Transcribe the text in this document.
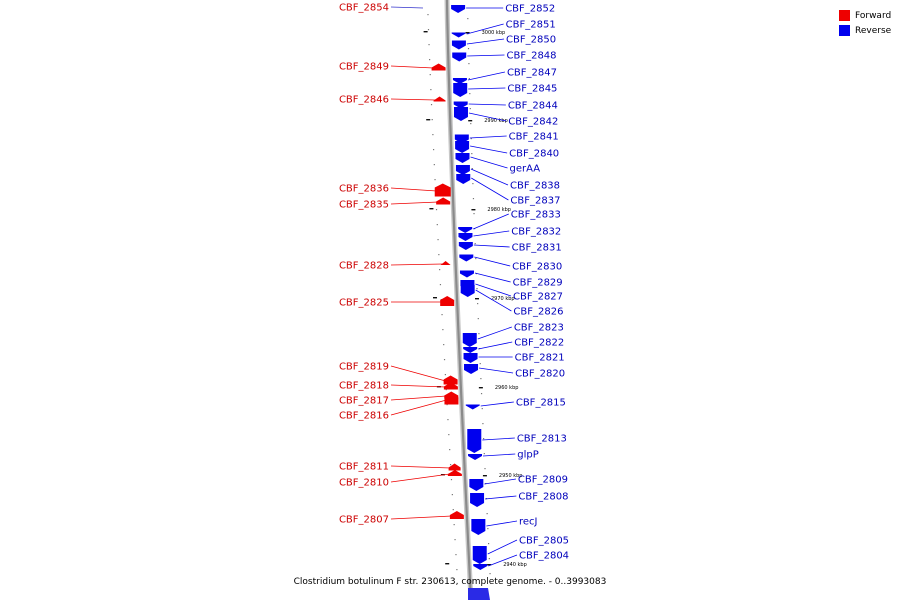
3000 kbp
2990 kbp
2980 kbp
2970 kbp
2960 kbp
2950 kbp
2940 kbp
CBF_2854
CBF_2849
CBF_2846
CBF_2836
CBF_2835
CBF_2828
CBF_2825
CBF_2819
CBF_2818
CBF_2817
CBF_2816
CBF_2811
CBF_2810
CBF_2807
CBF_2852
CBF_2851
CBF_2850
CBF_2848
CBF_2847
CBF_2845
CBF_2844
CBF_2842
CBF_2841
CBF_2840
gerAA
CBF_2838
CBF_2837
CBF_2833
CBF_2832
CBF_2831
CBF_2830
CBF_2829
CBF_2827
CBF_2826
CBF_2823
CBF_2822
CBF_2821
CBF_2820
CBF_2815
CBF_2813
glpP
CBF_2809
CBF_2808
recJ
CBF_2805
CBF_2804
Forward
Reverse
Clostridium botulinum F str. 230613, complete genome. - 0..3993083
